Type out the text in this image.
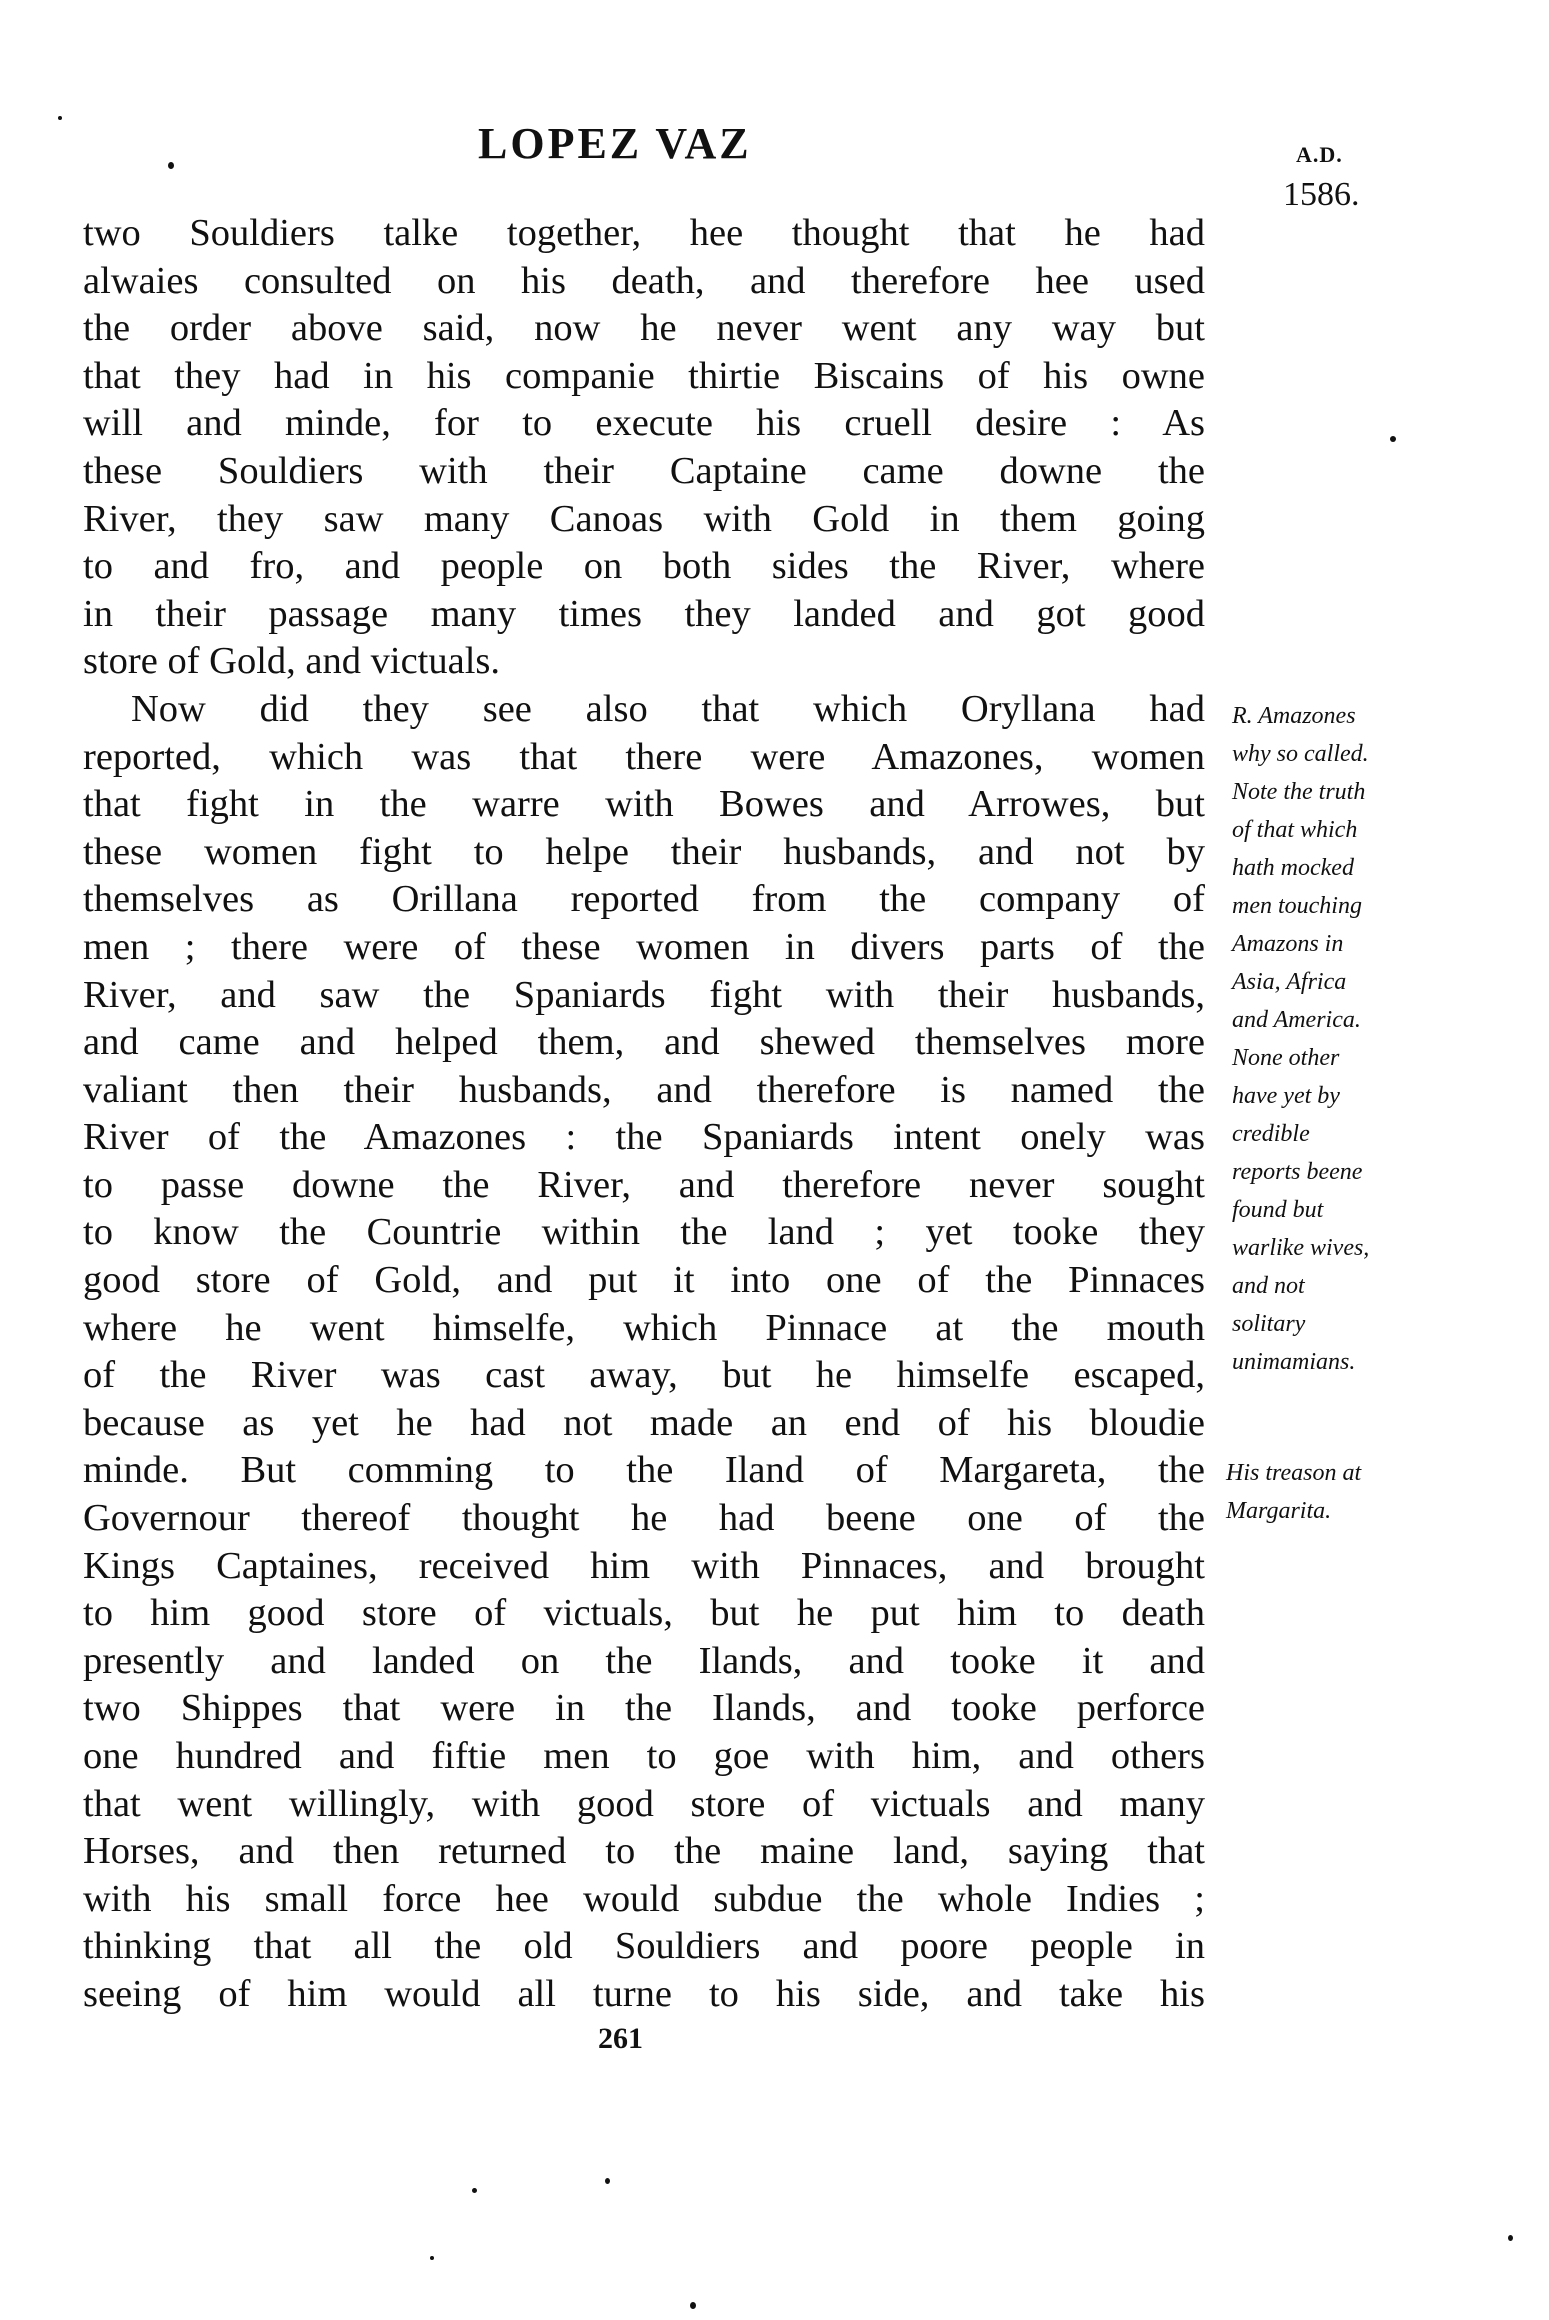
LOPEZ VAZ	A.D.
1586.
two Souldiers talke together, hee thought that he had
alwaies consulted on his death, and therefore hee used
the order above said, now he never went any way but
that they had in his companie thirtie Biscains of his owne
will and minde, for to execute his cruell desire : As
these Souldiers with their Captaine came downe the
River, they saw many Canoas with Gold in them going
to and fro, and people on both sides the River, where
in their passage many times they landed and got good
store of Gold, and victuals.
Now did they see also that which Oryllana had
reported, which was that there were Amazones, women
that fight in the warre with Bowes and Arrowes, but
these women fight to helpe their husbands, and not by
themselves as Orillana reported from the company of
men ; there were of these women in divers parts of the
River, and saw the Spaniards fight with their husbands,
and came and helped them, and shewed themselves more
valiant then their husbands, and therefore is named the
River of the Amazones : the Spaniards intent onely was
to passe downe the River, and therefore never sought
to know the Countrie within the land ; yet tooke they
good store of Gold, and put it into one of the Pinnaces
where he went himselfe, which Pinnace at the mouth
of the River was cast away, but he himselfe escaped,
because as yet he had not made an end of his bloudie
minde. But comming to the Iland of Margareta, the
Governour thereof thought he had beene one of the
Kings Captaines, received him with Pinnaces, and brought
to him good store of victuals, but he put him to death
presently and landed on the Ilands, and tooke it and
two Shippes that were in the Ilands, and tooke perforce
one hundred and fiftie men to goe with him, and others
that went willingly, with good store of victuals and many
Horses, and then returned to the maine land, saying that
with his small force hee would subdue the whole Indies ;
thinking that all the old Souldiers and poore people in
seeing of him would all turne to his side, and take his
R. Amazones
why so called.
Note the truth
of that which
hath mocked
men touching
Amazons in
Asia, Africa
and America.
None other
have yet by
credible
reports beene
found but
warlike wives,
and not
solitary
unimamians.
His treason at
Margarita.
261
